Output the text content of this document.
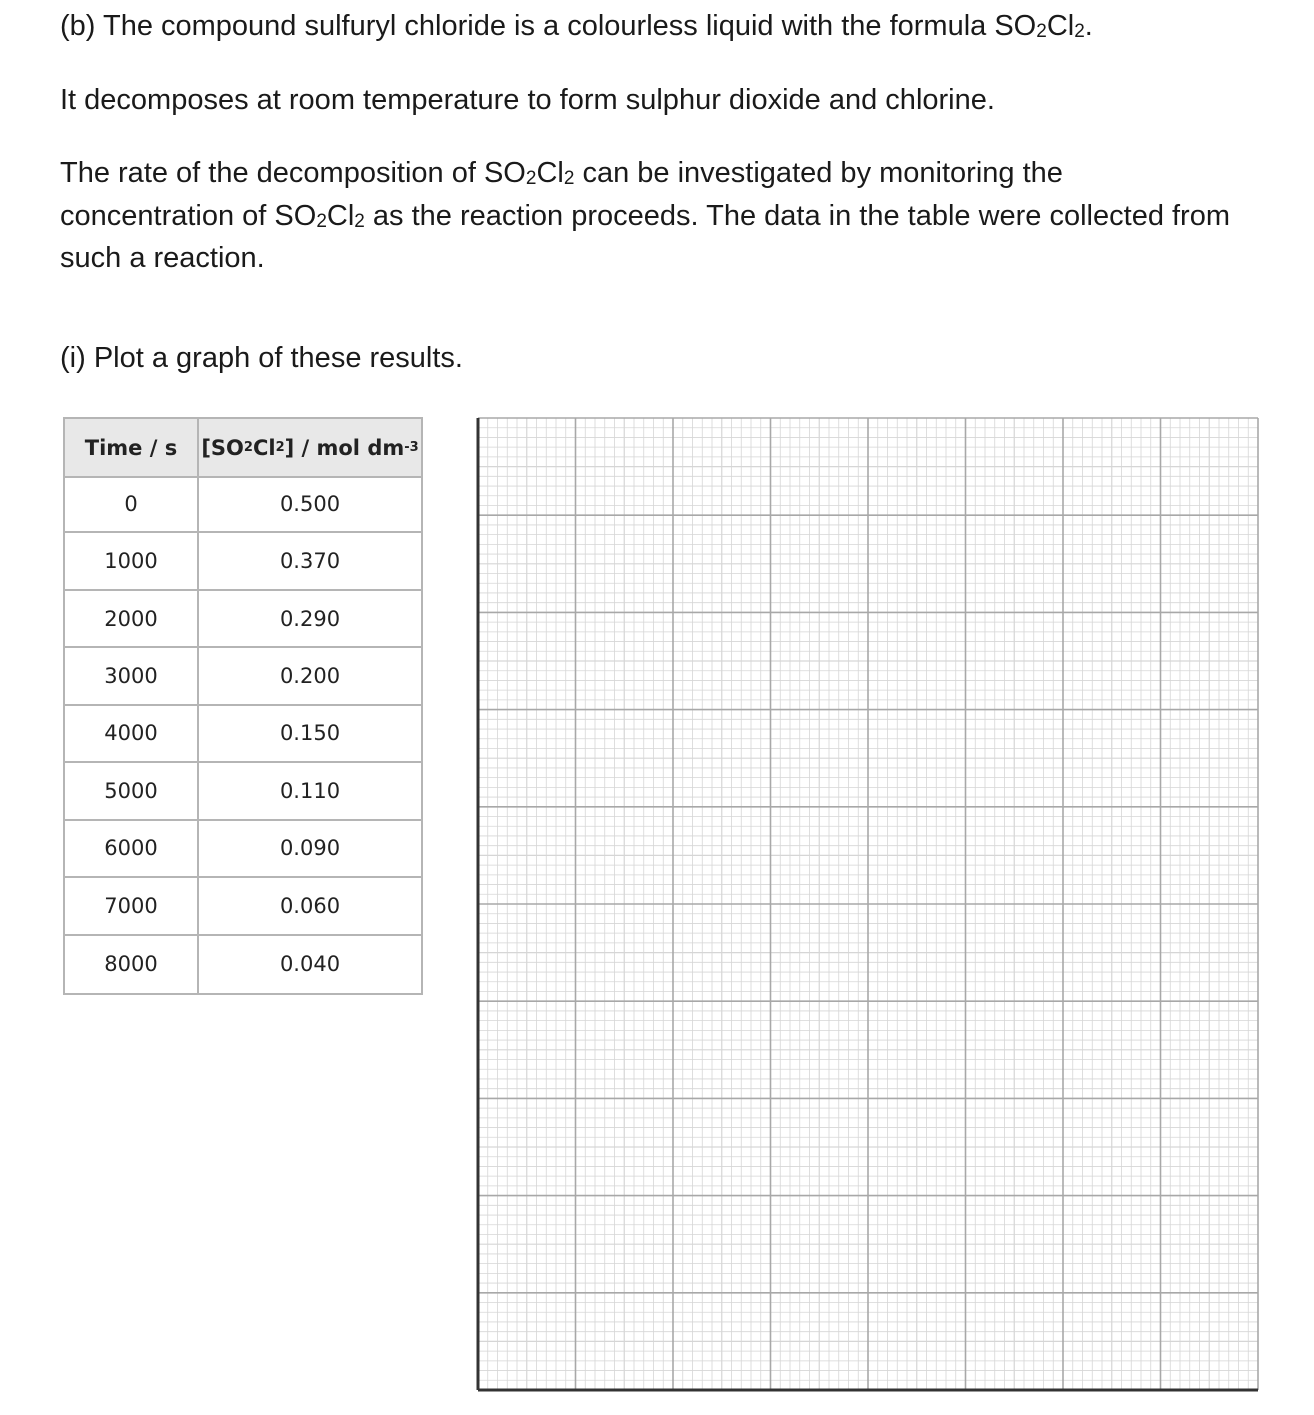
(b) The compound sulfuryl chloride is a colourless liquid with the formula $SO_2Cl_2$.

It decomposes at room temperature to form sulphur dioxide and chlorine.

The rate of the decomposition of $SO_2Cl_2$ can be investigated by monitoring the concentration of $SO_2Cl_2$ as the reaction proceeds. The data in the table were collected from such a reaction.

(i) Plot a graph of these results.

Time / s	[SO 2 Cl 2 ] / mol dm -3
0	0.500
1000	0.370
2000	0.290
3000	0.200
4000	0.150
5000	0.110
6000	0.090
7000	0.060
8000	0.040
